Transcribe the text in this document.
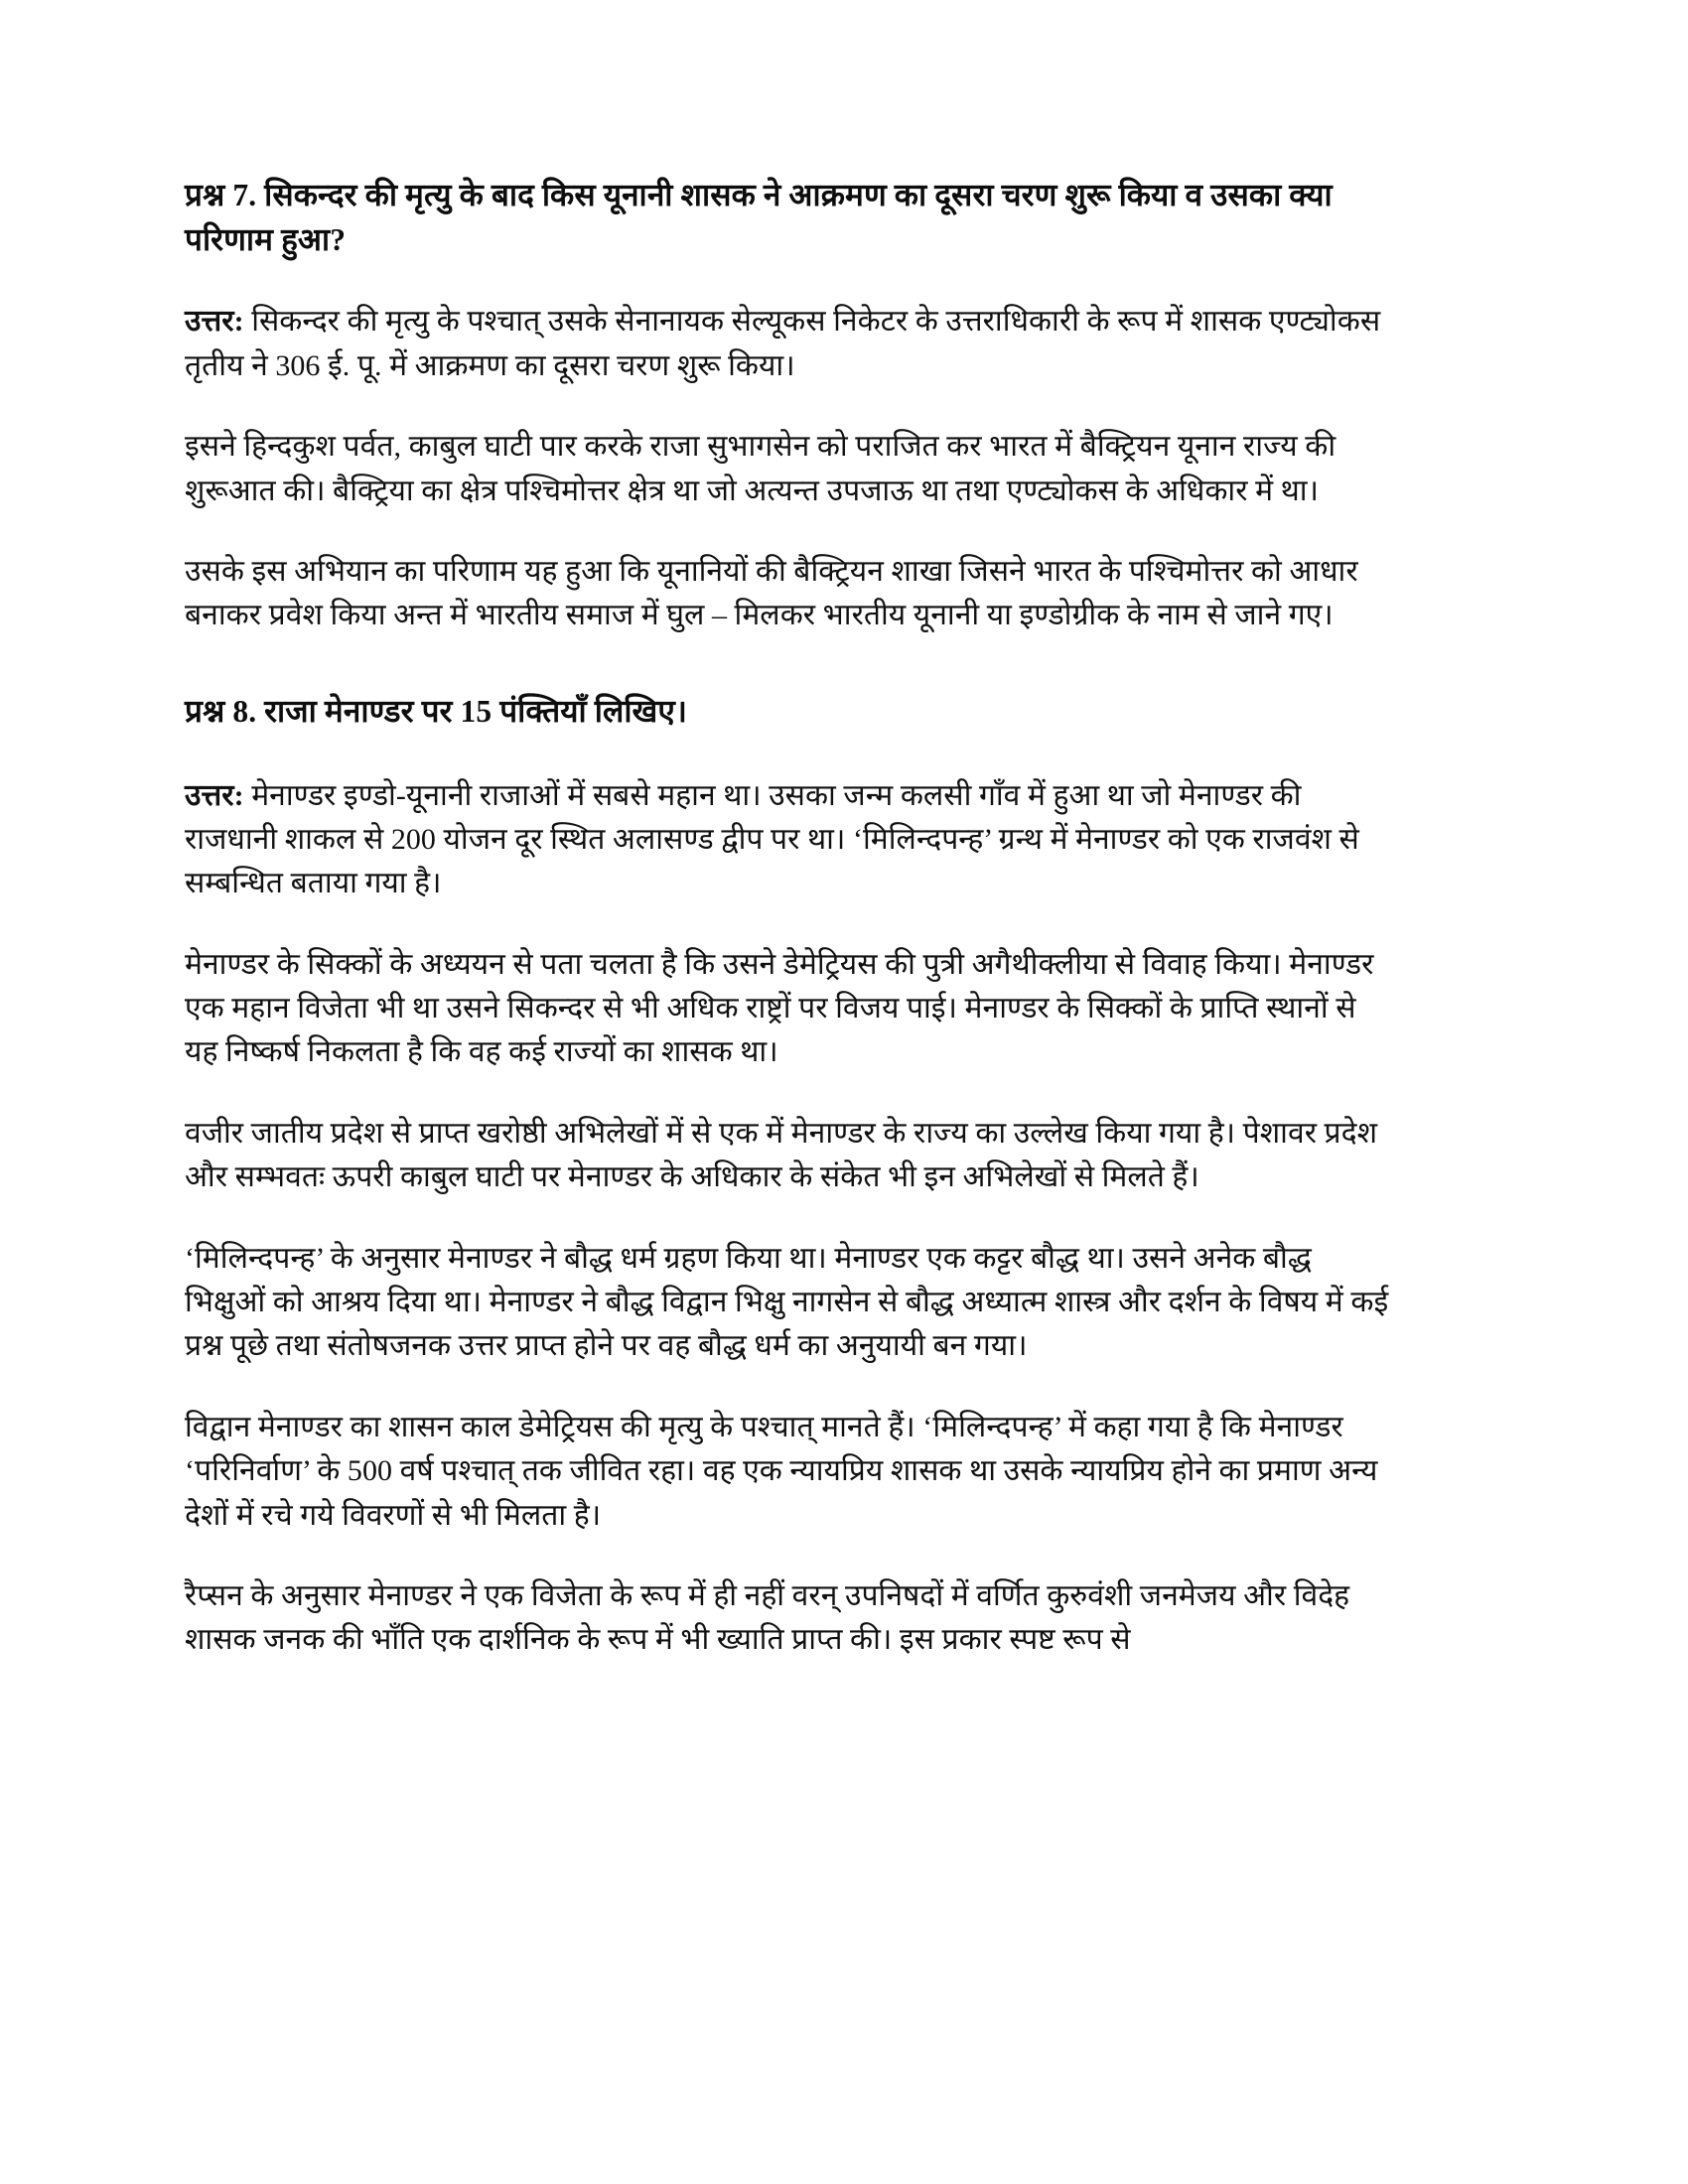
प्रश्न 7. सिकन्दर की मृत्यु के बाद किस यूनानी शासक ने आक्रमण का दूसरा चरण शुरू किया व उसका क्या परिणाम हुआ?

उत्तर: सिकन्दर की मृत्यु के पश्चात् उसके सेनानायक सेल्यूकस निकेटर के उत्तराधिकारी के रूप में शासक एण्ट्योकस तृतीय ने 306 ई. पू. में आक्रमण का दूसरा चरण शुरू किया।

इसने हिन्दकुश पर्वत, काबुल घाटी पार करके राजा सुभागसेन को पराजित कर भारत में बैक्ट्रियन यूनान राज्य की शुरूआत की। बैक्ट्रिया का क्षेत्र पश्चिमोत्तर क्षेत्र था जो अत्यन्त उपजाऊ था तथा एण्ट्योकस के अधिकार में था।

उसके इस अभियान का परिणाम यह हुआ कि यूनानियों की बैक्ट्रियन शाखा जिसने भारत के पश्चिमोत्तर को आधार बनाकर प्रवेश किया अन्त में भारतीय समाज में घुल – मिलकर भारतीय यूनानी या इण्डोग्रीक के नाम से जाने गए।

प्रश्न 8. राजा मेनाण्डर पर 15 पंक्तियाँ लिखिए।

उत्तर: मेनाण्डर इण्डो-यूनानी राजाओं में सबसे महान था। उसका जन्म कलसी गाँव में हुआ था जो मेनाण्डर की राजधानी शाकल से 200 योजन दूर स्थित अलासण्ड द्वीप पर था। ‘मिलिन्दपन्ह’ ग्रन्थ में मेनाण्डर को एक राजवंश से सम्बन्धित बताया गया है।

मेनाण्डर के सिक्कों के अध्ययन से पता चलता है कि उसने डेमेट्रियस की पुत्री अगैथीक्लीया से विवाह किया। मेनाण्डर एक महान विजेता भी था उसने सिकन्दर से भी अधिक राष्ट्रों पर विजय पाई। मेनाण्डर के सिक्कों के प्राप्ति स्थानों से यह निष्कर्ष निकलता है कि वह कई राज्यों का शासक था।

वजीर जातीय प्रदेश से प्राप्त खरोष्ठी अभिलेखों में से एक में मेनाण्डर के राज्य का उल्लेख किया गया है। पेशावर प्रदेश और सम्भवतः ऊपरी काबुल घाटी पर मेनाण्डर के अधिकार के संकेत भी इन अभिलेखों से मिलते हैं।

‘मिलिन्दपन्ह’ के अनुसार मेनाण्डर ने बौद्ध धर्म ग्रहण किया था। मेनाण्डर एक कट्टर बौद्ध था। उसने अनेक बौद्ध भिक्षुओं को आश्रय दिया था। मेनाण्डर ने बौद्ध विद्वान भिक्षु नागसेन से बौद्ध अध्यात्म शास्त्र और दर्शन के विषय में कई प्रश्न पूछे तथा संतोषजनक उत्तर प्राप्त होने पर वह बौद्ध धर्म का अनुयायी बन गया।

विद्वान मेनाण्डर का शासन काल डेमेट्रियस की मृत्यु के पश्चात् मानते हैं। ‘मिलिन्दपन्ह’ में कहा गया है कि मेनाण्डर ‘परिनिर्वाण’ के 500 वर्ष पश्चात् तक जीवित रहा। वह एक न्यायप्रिय शासक था उसके न्यायप्रिय होने का प्रमाण अन्य देशों में रचे गये विवरणों से भी मिलता है।

रैप्सन के अनुसार मेनाण्डर ने एक विजेता के रूप में ही नहीं वरन् उपनिषदों में वर्णित कुरुवंशी जनमेजय और विदेह शासक जनक की भाँति एक दार्शनिक के रूप में भी ख्याति प्राप्त की। इस प्रकार स्पष्ट रूप से
